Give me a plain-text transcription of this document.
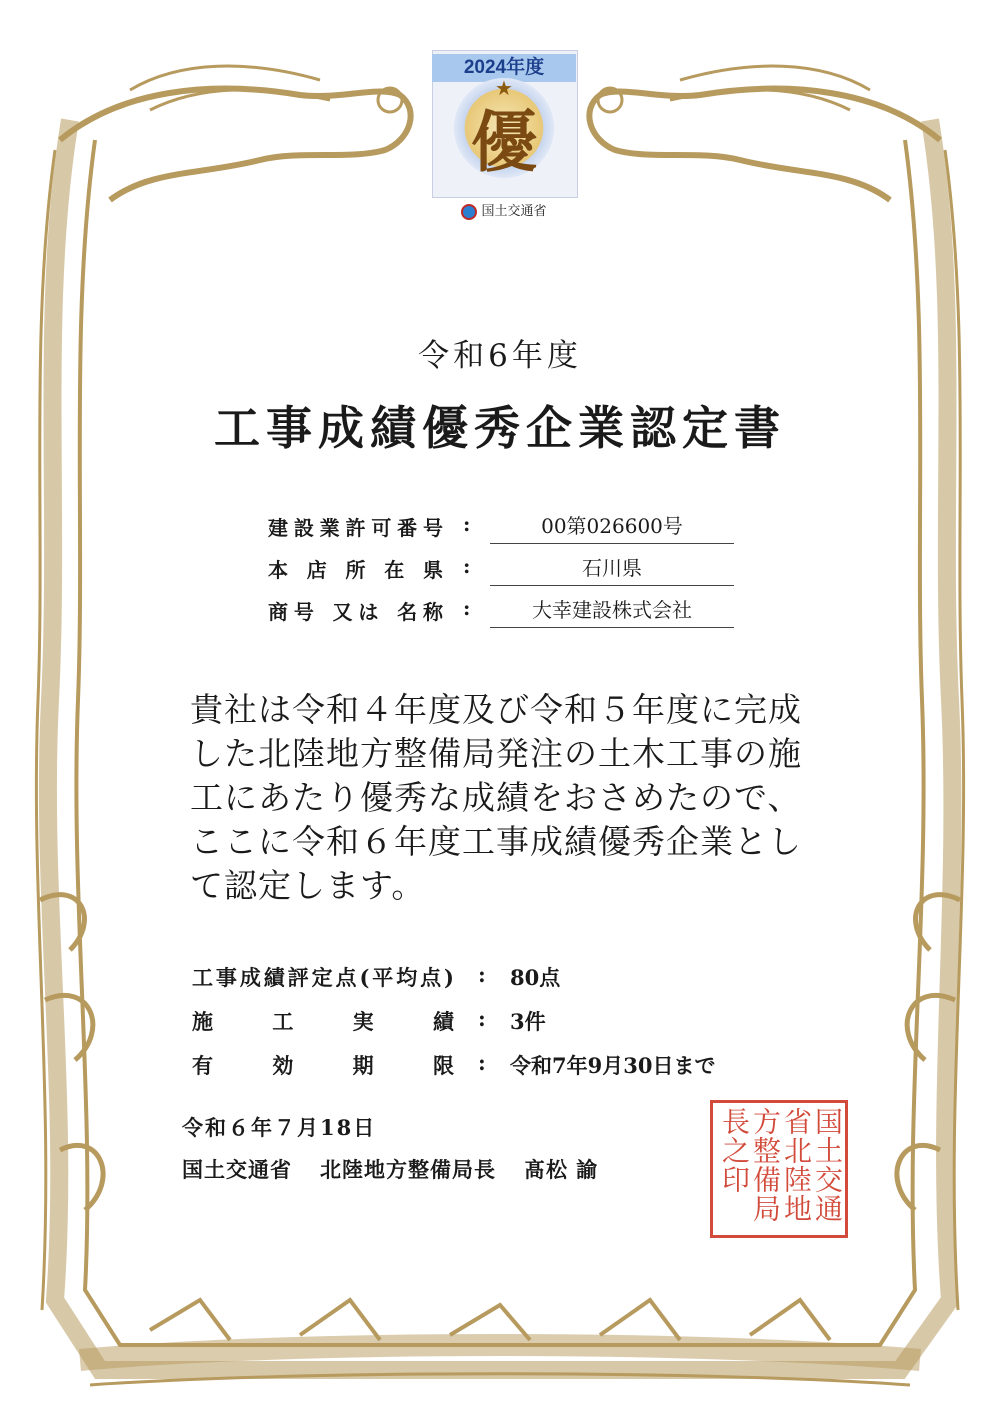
2024年度
★
優
国土交通省
令和6年度
工事成績優秀企業認定書
建設業許可番号 :	00第026600号
本店所在県 :	石川県
商号 又は 名称 :	大幸建設株式会社
貴社は令和４年度及び令和５年度に完成
した北陸地方整備局発注の土木工事の施
工にあたり優秀な成績をおさめたので、
ここに令和６年度工事成績優秀企業とし
て認定します。
工事成績評定点(平均点) : 80点
施工実績 : 3件
有効期限 : 令和7年9月30日まで
令和６年７月18日
国土交通省 北陸地方整備局長 髙松 諭	国土交通省北陸地方整備局長之印
